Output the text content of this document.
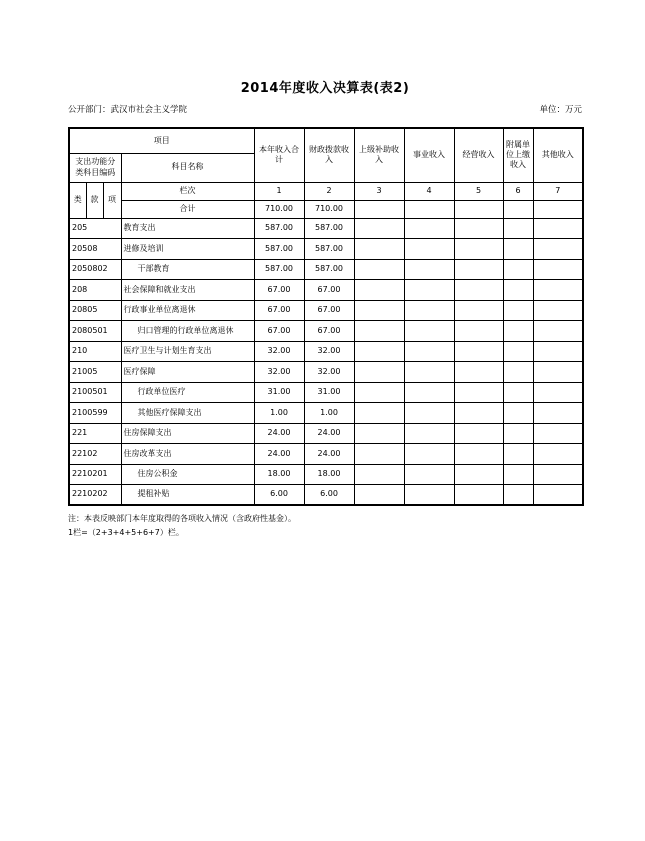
2014年度收入决算表(表2)
公开部门：武汉市社会主义学院	单位：万元
项目				本年收入合计	财政拨款收入	上级补助收入	事业收入	经营收入	附属单位上缴收入	其他收入
支出功能分类科目编码			科目名称							
类	款	项	栏次	1	2	3	4	5	6	7
			合计	710.00	710.00					
205			教育支出	587.00	587.00					
20508			进修及培训	587.00	587.00					
2050802			干部教育	587.00	587.00					
208			社会保障和就业支出	67.00	67.00					
20805			行政事业单位离退休	67.00	67.00					
2080501			归口管理的行政单位离退休	67.00	67.00					
210			医疗卫生与计划生育支出	32.00	32.00					
21005			医疗保障	32.00	32.00					
2100501			行政单位医疗	31.00	31.00					
2100599			其他医疗保障支出	1.00	1.00					
221			住房保障支出	24.00	24.00					
22102			住房改革支出	24.00	24.00					
2210201			住房公积金	18.00	18.00					
2210202			提租补贴	6.00	6.00					
注：本表反映部门本年度取得的各项收入情况（含政府性基金）。
1栏=（2+3+4+5+6+7）栏。
